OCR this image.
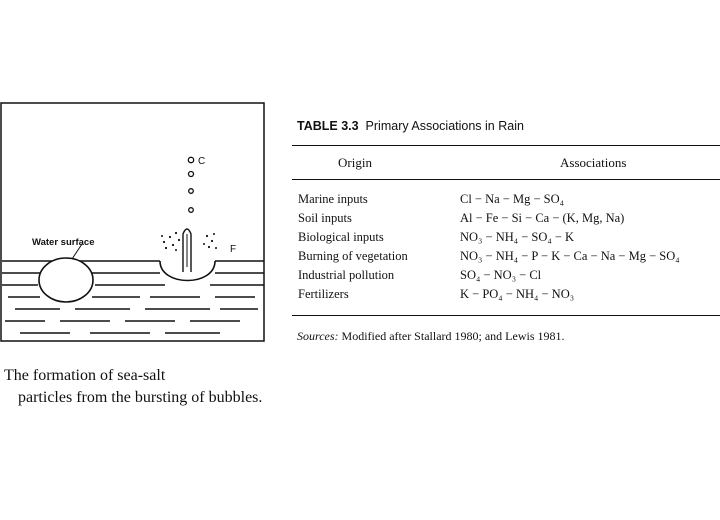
Water surface
C
F
The formation of sea-salt
particles from the bursting of bubbles.
TABLE 3.3 Primary Associations in Rain
Origin	Associations
Marine inputs	Cl − Na − Mg − SO₄
Soil inputs	Al − Fe − Si − Ca − (K, Mg, Na)
Biological inputs	NO₃ − NH₄ − SO₄ − K
Burning of vegetation	NO₃ − NH₄ − P − K − Ca − Na − Mg − SO₄
Industrial pollution	SO₄ − NO₃ − Cl
Fertilizers	K − PO₄ − NH₄ − NO₃
Sources: Modified after Stallard 1980; and Lewis 1981.
